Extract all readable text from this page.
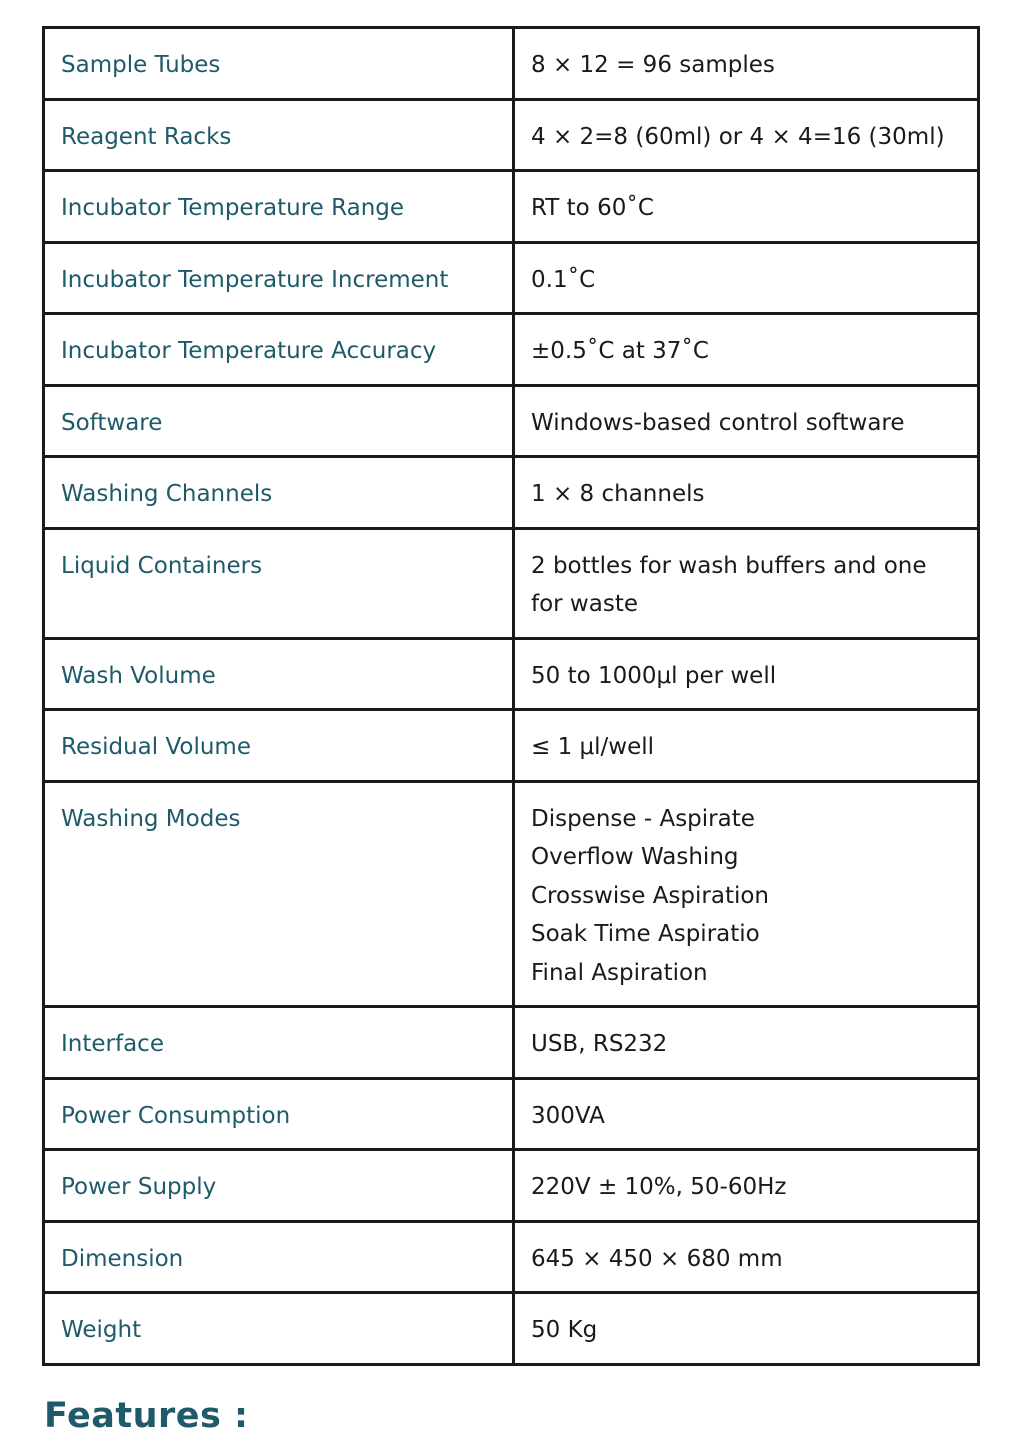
Sample Tubes	8 × 12 = 96 samples

Reagent Racks	4 × 2=8 (60ml) or 4 × 4=16 (30ml)

Incubator Temperature Range	RT to 60˚C

Incubator Temperature Increment	0.1˚C

Incubator Temperature Accuracy	±0.5˚C at 37˚C

Software	Windows-based control software

Washing Channels	1 × 8 channels

Liquid Containers	2 bottles for wash buffers and one
for waste

Wash Volume	50 to 1000μl per well

Residual Volume	≤ 1 μl/well

Washing Modes	Dispense - Aspirate
Overflow Washing
Crosswise Aspiration
Soak Time Aspiratio
Final Aspiration

Interface	USB, RS232

Power Consumption	300VA

Power Supply	220V ± 10%, 50-60Hz

Dimension	645 × 450 × 680 mm

Weight	50 Kg
Features :
